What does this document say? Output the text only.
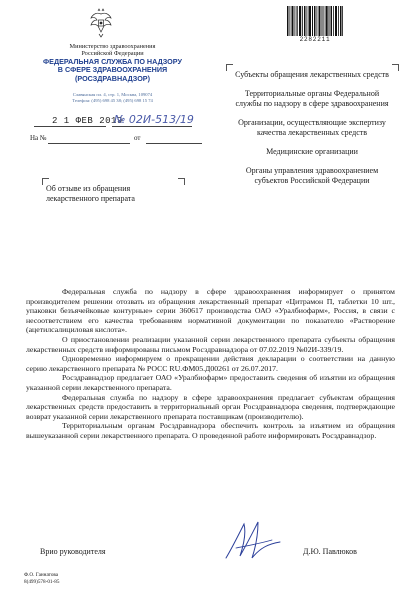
Министерство здравоохранения
Российской Федерации
ФЕДЕРАЛЬНАЯ СЛУЖБА ПО НАДЗОРУ
В СФЕРЕ ЗДРАВООХРАНЕНИЯ
(РОСЗДРАВНАДЗОР)
Славянская пл. 4, стр. 1, Москва, 109074
Телефон: (495) 698 45 38; (495) 698 15 74
2 1 ФЕВ 2019
№ 02И-513/19
На №	от
Об отзыве из обращения лекарственного препарата
2282211
Субъекты обращения лекарственных средств
Территориальные органы Федеральной службы по надзору в сфере здравоохранения
Организации, осуществляющие экспертизу качества лекарственных средств
Медицинские организации
Органы управления здравоохранением субъектов Российской Федерации

Федеральная служба по надзору в сфере здравоохранения информирует о принятом производителем решении отозвать из обращения лекарственный препарат «Цитрамон П, таблетки 10 шт., упаковки безъячейковые контурные» серии 360617 производства ОАО «Уралбиофарм», Россия, в связи с несоответствием его качества требованиям нормативной документации по показателю «Растворение (ацетилсалициловая кислота».

О приостановлении реализации указанной серии лекарственного препарата субъекты обращения лекарственных средств информированы письмом Росздравнадзора от 07.02.2019 №02И-339/19.

Одновременно информируем о прекращении действия декларации о соответствии на данную серию лекарственного препарата № РОСС RU.ФМ05.Д00261 от 26.07.2017.

Росздравнадзор предлагает ОАО «Уралбиофарм» предоставить сведения об изъятии из обращения указанной серии лекарственного препарата.

Федеральная служба по надзору в сфере здравоохранения предлагает субъектам обращения лекарственных средств предоставить в территориальный орган Росздравнадзора сведения, подтверждающие возврат указанной серии лекарственного препарата поставщикам (производителю).

Территориальным органам Росздравнадзора обеспечить контроль за изъятием из обращения вышеуказанной серии лекарственного препарата. О проведенной работе информировать Росздравнадзор.

Врио руководителя	Д.Ю. Павлюков
Ф.О. Ганнатова
8(499)578-01-85
